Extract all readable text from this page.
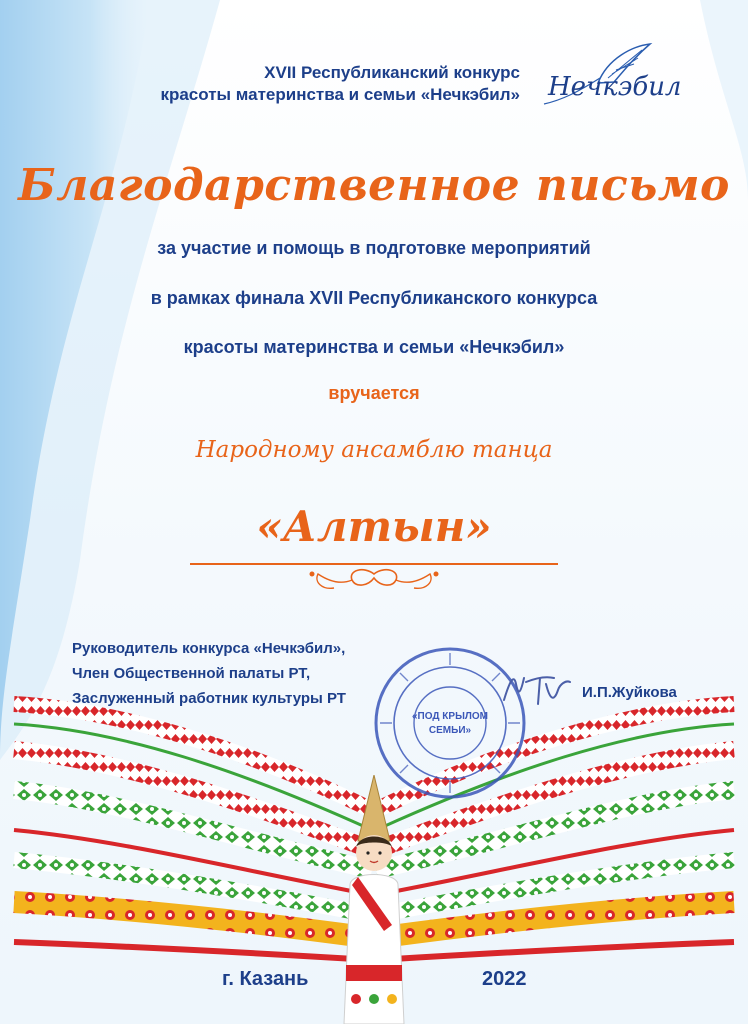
XVII Республиканский конкурс
красоты материнства и семьи «Нечкэбил» Нечкэбил
Благодарственное письмо
за участие и помощь в подготовке мероприятий
в рамках финала XVII Республиканского конкурса
красоты материнства и семьи «Нечкэбил»
вручается
Народному ансамблю танца
«Алтын»
Руководитель конкурса «Нечкэбил»,
Член Общественной палаты РТ,
Заслуженный работник культуры РТ
«ПОД КРЫЛОМ
СЕМЬИ»
И.П.Жуйкова
г. Казань	2022
